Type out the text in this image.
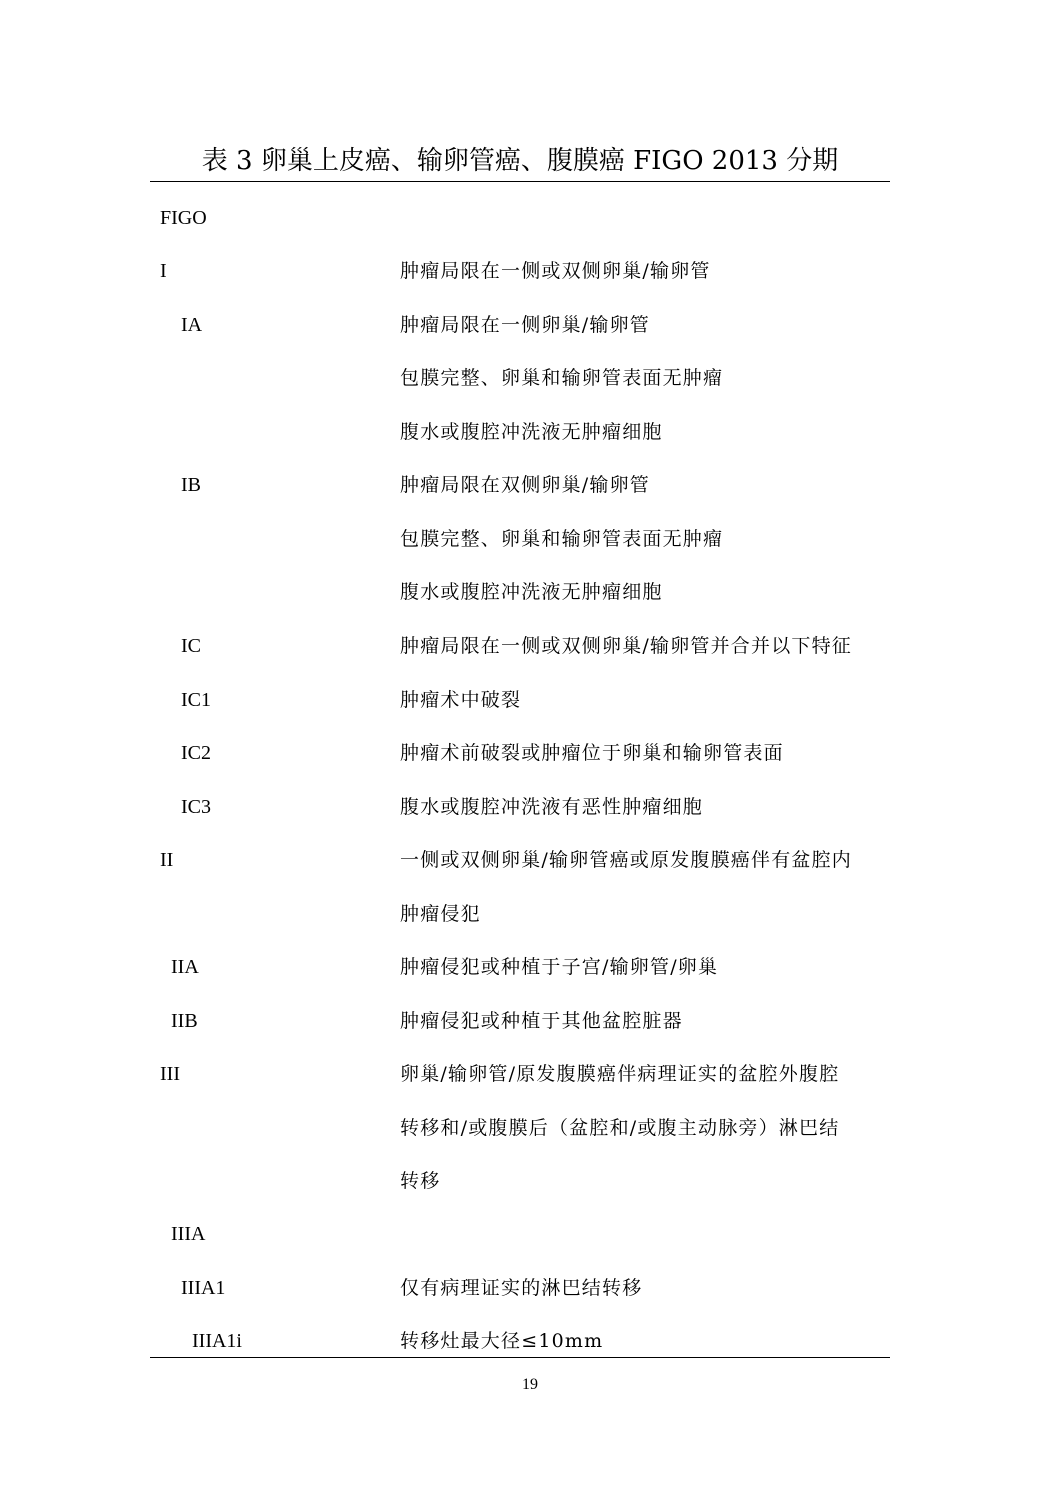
表 3 卵巢上皮癌、输卵管癌、腹膜癌 FIGO 2013 分期
FIGO
I	肿瘤局限在一侧或双侧卵巢/输卵管
IA	肿瘤局限在一侧卵巢/输卵管
包膜完整、卵巢和输卵管表面无肿瘤
腹水或腹腔冲洗液无肿瘤细胞
IB	肿瘤局限在双侧卵巢/输卵管
包膜完整、卵巢和输卵管表面无肿瘤
腹水或腹腔冲洗液无肿瘤细胞
IC	肿瘤局限在一侧或双侧卵巢/输卵管并合并以下特征
IC1	肿瘤术中破裂
IC2	肿瘤术前破裂或肿瘤位于卵巢和输卵管表面
IC3	腹水或腹腔冲洗液有恶性肿瘤细胞
II	一侧或双侧卵巢/输卵管癌或原发腹膜癌伴有盆腔内
肿瘤侵犯
IIA	肿瘤侵犯或种植于子宫/输卵管/卵巢
IIB	肿瘤侵犯或种植于其他盆腔脏器
III	卵巢/输卵管/原发腹膜癌伴病理证实的盆腔外腹腔
转移和/或腹膜后（盆腔和/或腹主动脉旁）淋巴结
转移
IIIA
IIIA1	仅有病理证实的淋巴结转移
IIIA1i	转移灶最大径≤10mm
19
